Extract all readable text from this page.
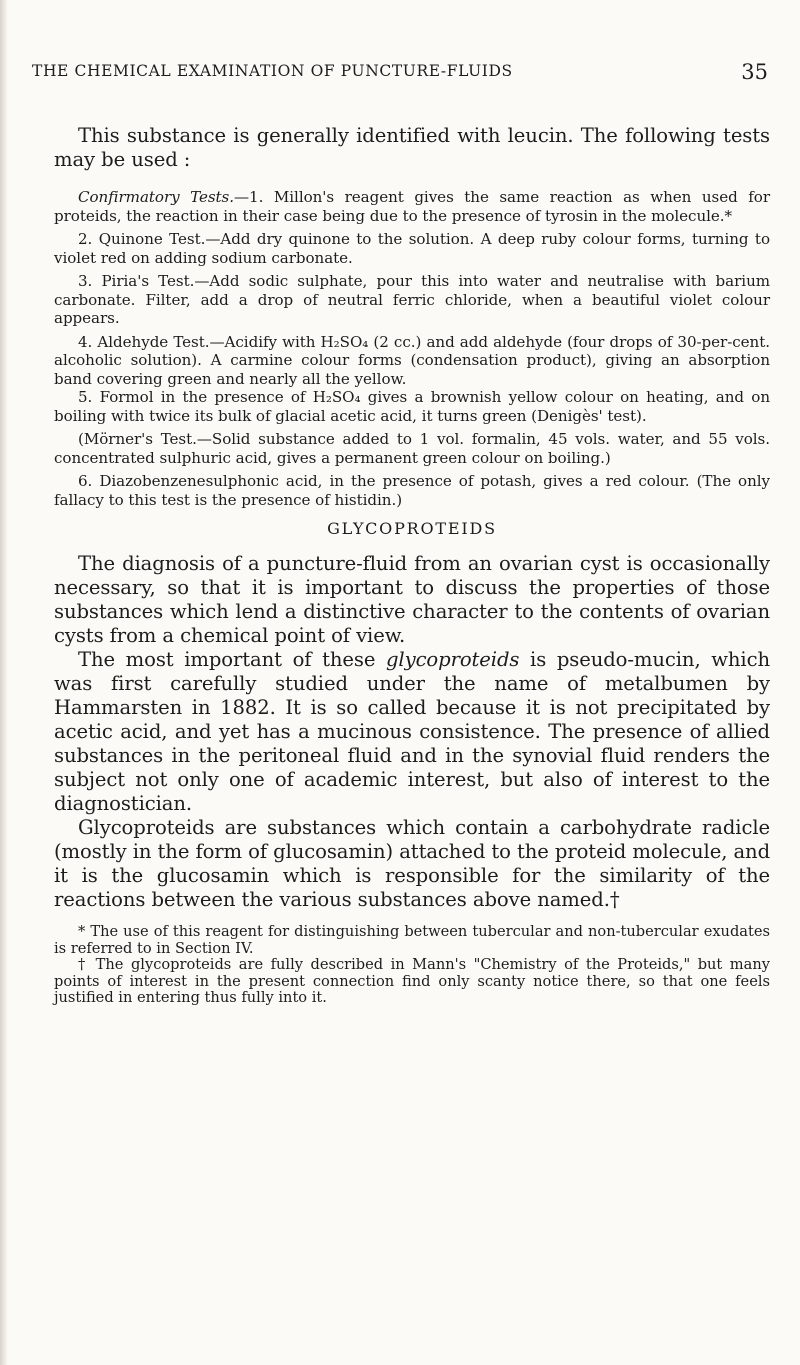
THE CHEMICAL EXAMINATION OF PUNCTURE-FLUIDS	35

This substance is generally identified with leucin. The following tests may be used :

Confirmatory Tests.—1. Millon's reagent gives the same reaction as when used for proteids, the reaction in their case being due to the presence of tyrosin in the molecule.*

2. Quinone Test.—Add dry quinone to the solution. A deep ruby colour forms, turning to violet red on adding sodium carbonate.

3. Piria's Test.—Add sodic sulphate, pour this into water and neutralise with barium carbonate. Filter, add a drop of neutral ferric chloride, when a beautiful violet colour appears.

4. Aldehyde Test.—Acidify with H₂SO₄ (2 cc.) and add aldehyde (four drops of 30-per-cent. alcoholic solution). A carmine colour forms (condensation product), giving an absorption band covering green and nearly all the yellow.

5. Formol in the presence of H₂SO₄ gives a brownish yellow colour on heating, and on boiling with twice its bulk of glacial acetic acid, it turns green (Denigès' test).

(Mörner's Test.—Solid substance added to 1 vol. formalin, 45 vols. water, and 55 vols. concentrated sulphuric acid, gives a permanent green colour on boiling.)

6. Diazobenzenesulphonic acid, in the presence of potash, gives a red colour. (The only fallacy to this test is the presence of histidin.)

GLYCOPROTEIDS

The diagnosis of a puncture-fluid from an ovarian cyst is occasionally necessary, so that it is important to discuss the properties of those substances which lend a distinctive character to the contents of ovarian cysts from a chemical point of view.

The most important of these glycoproteids is pseudo-mucin, which was first carefully studied under the name of metalbumen by Hammarsten in 1882. It is so called because it is not precipitated by acetic acid, and yet has a mucinous consistence. The presence of allied substances in the peritoneal fluid and in the synovial fluid renders the subject not only one of academic interest, but also of interest to the diagnostician.

Glycoproteids are substances which contain a carbohydrate radicle (mostly in the form of glucosamin) attached to the proteid molecule, and it is the glucosamin which is responsible for the similarity of the reactions between the various substances above named.†

* The use of this reagent for distinguishing between tubercular and non-tubercular exudates is referred to in Section IV.

† The glycoproteids are fully described in Mann's "Chemistry of the Proteids," but many points of interest in the present connection find only scanty notice there, so that one feels justified in entering thus fully into it.
